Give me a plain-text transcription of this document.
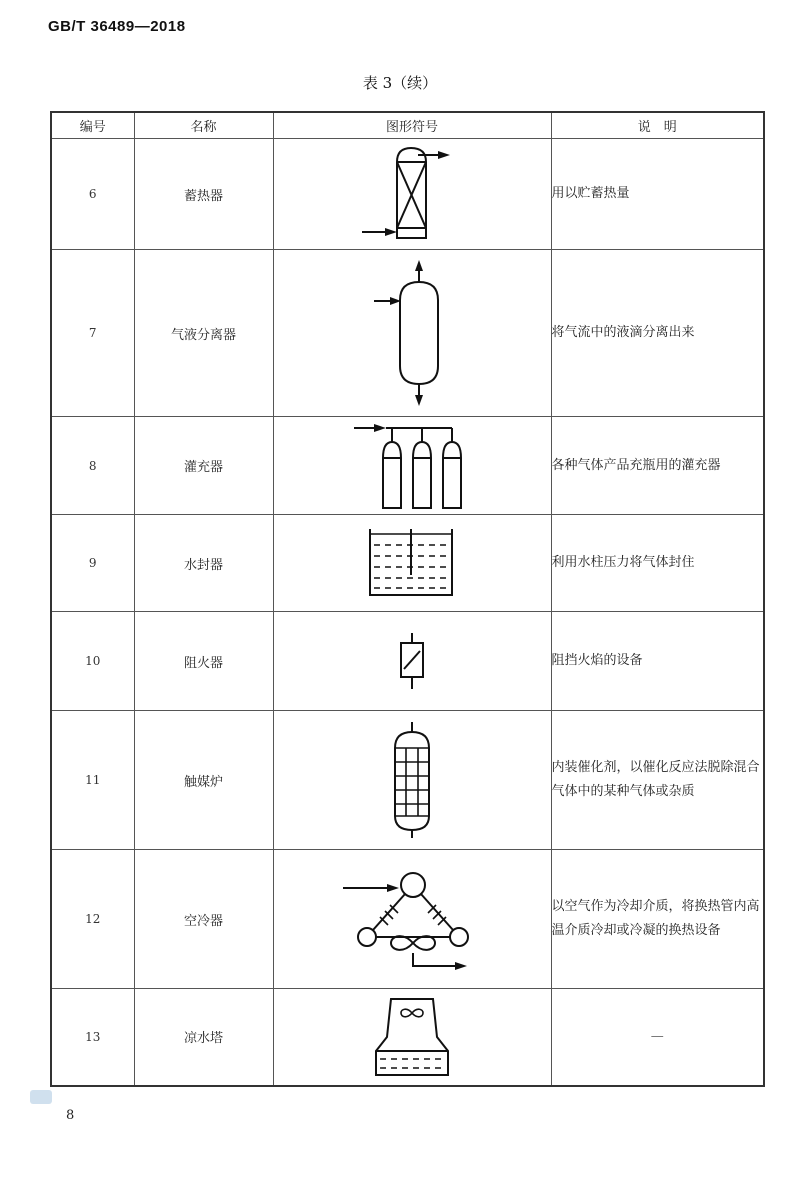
GB/T 36489—2018
表 3（续）
编号	名称	图形符号	说　明
6	蓄热器		用以贮蓄热量
7	气液分离器		将气流中的液滴分离出来
8	灌充器		各种气体产品充瓶用的灌充器
9	水封器		利用水柱压力将气体封住
10	阻火器		阻挡火焰的设备
11	触媒炉		内装催化剂，以催化反应法脱除混合气体中的某种气体或杂质
12	空冷器		以空气作为冷却介质，将换热管内高温介质冷却或冷凝的换热设备
13	凉水塔		—
8
